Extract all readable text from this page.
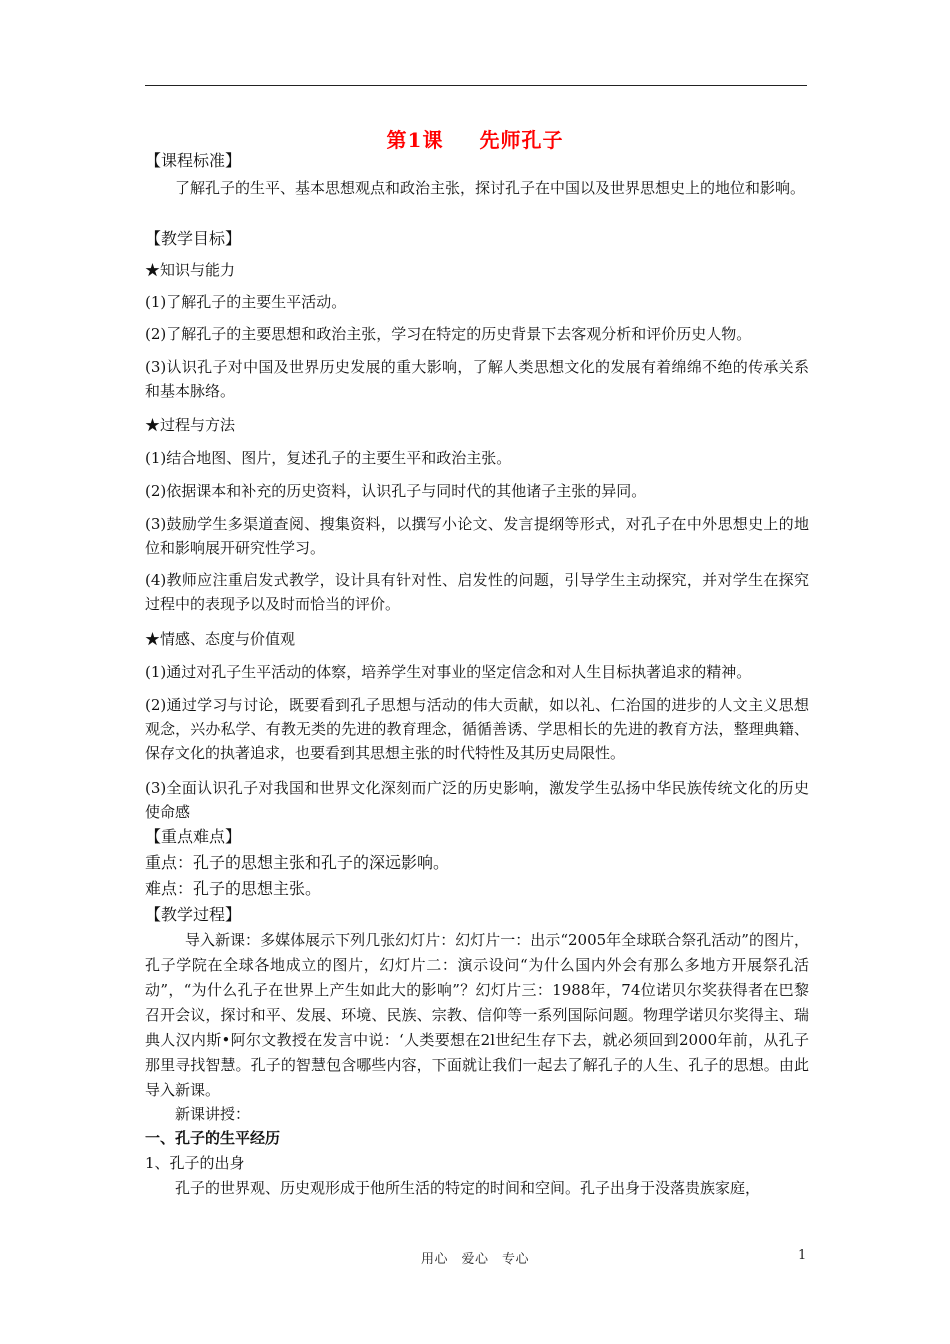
第1课 先师孔子

【课程标准】

了解孔子的生平、基本思想观点和政治主张，探讨孔子在中国以及世界思想史上的地位和影响。

【教学目标】

★知识与能力

(1)了解孔子的主要生平活动。

(2)了解孔子的主要思想和政治主张，学习在特定的历史背景下去客观分析和评价历史人物。

(3)认识孔子对中国及世界历史发展的重大影响，了解人类思想文化的发展有着绵绵不绝的传承关系和基本脉络。

★过程与方法

(1)结合地图、图片，复述孔子的主要生平和政治主张。

(2)依据课本和补充的历史资料，认识孔子与同时代的其他诸子主张的异同。

(3)鼓励学生多渠道查阅、搜集资料，以撰写小论文、发言提纲等形式，对孔子在中外思想史上的地位和影响展开研究性学习。

(4)教师应注重启发式教学，设计具有针对性、启发性的问题，引导学生主动探究，并对学生在探究过程中的表现予以及时而恰当的评价。

★情感、态度与价值观

(1)通过对孔子生平活动的体察，培养学生对事业的坚定信念和对人生目标执著追求的精神。

(2)通过学习与讨论，既要看到孔子思想与活动的伟大贡献，如以礼、仁治国的进步的人文主义思想观念，兴办私学、有教无类的先进的教育理念，循循善诱、学思相长的先进的教育方法，整理典籍、保存文化的执著追求，也要看到其思想主张的时代特性及其历史局限性。

(3)全面认识孔子对我国和世界文化深刻而广泛的历史影响，激发学生弘扬中华民族传统文化的历史使命感

【重点难点】

重点：孔子的思想主张和孔子的深远影响。

难点：孔子的思想主张。

【教学过程】

导入新课：多媒体展示下列几张幻灯片：幻灯片一：出示“2005年全球联合祭孔活动”的图片，孔子学院在全球各地成立的图片，幻灯片二：演示设问“为什么国内外会有那么多地方开展祭孔活动”，“为什么孔子在世界上产生如此大的影响”？幻灯片三：1988年，74位诺贝尔奖获得者在巴黎召开会议，探讨和平、发展、环境、民族、宗教、信仰等一系列国际问题。物理学诺贝尔奖得主、瑞典人汉内斯•阿尔文教授在发言中说：‘人类要想在2l世纪生存下去，就必须回到2000年前，从孔子那里寻找智慧。孔子的智慧包含哪些内容，下面就让我们一起去了解孔子的人生、孔子的思想。由此导入新课。

新课讲授：

一、孔子的生平经历

1、孔子的出身

孔子的世界观、历史观形成于他所生活的特定的时间和空间。孔子出身于没落贵族家庭，

用心　爱心　专心	1
